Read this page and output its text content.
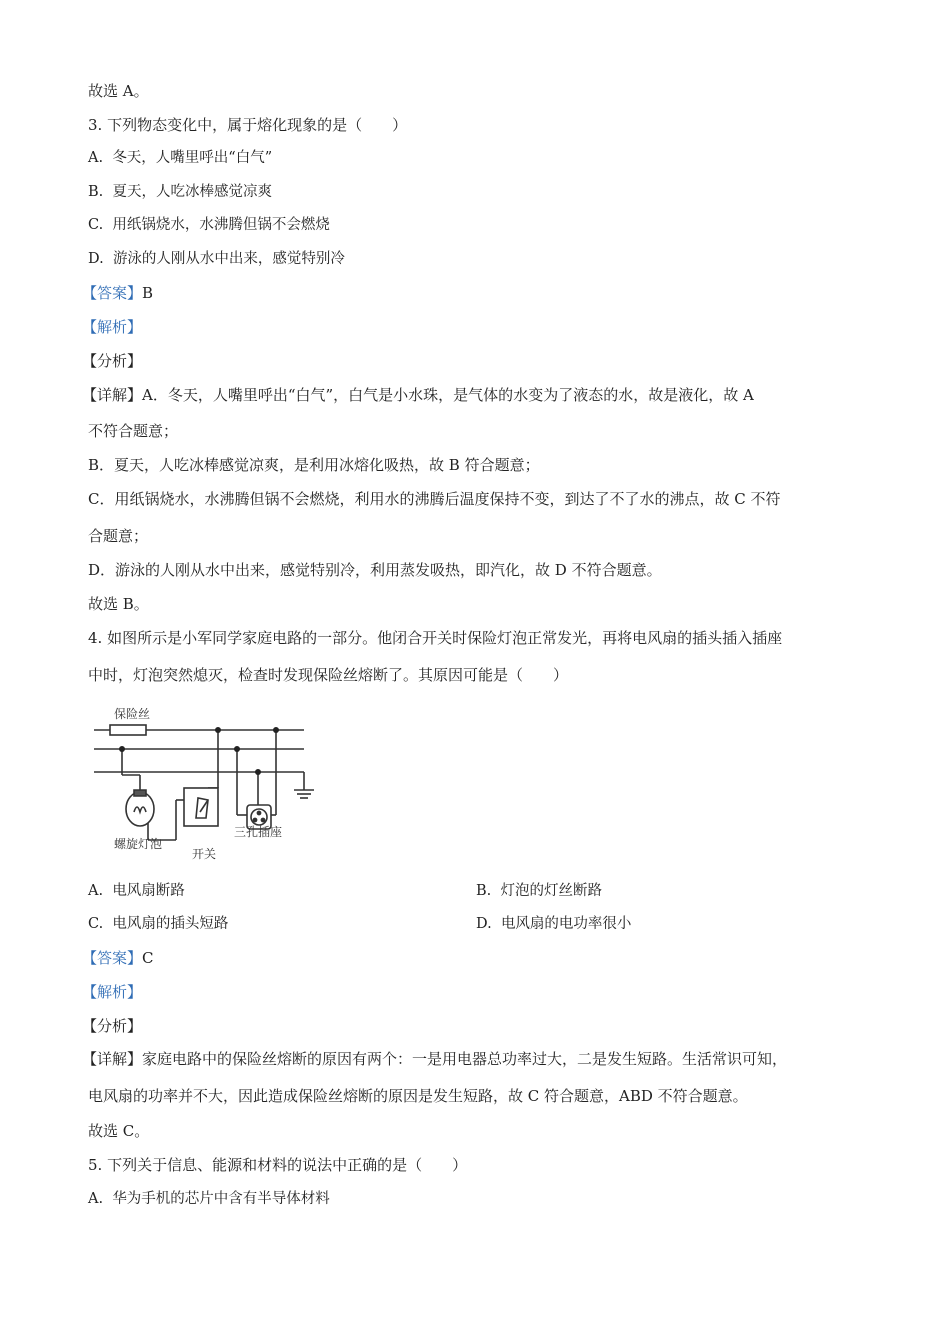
故选 A。
3. 下列物态变化中，属于熔化现象的是（　　）
A. 冬天，人嘴里呼出“白气”
B. 夏天，人吃冰棒感觉凉爽
C. 用纸锅烧水，水沸腾但锅不会燃烧
D. 游泳的人刚从水中出来，感觉特别冷
【答案】B
【解析】
【分析】
【详解】A．冬天，人嘴里呼出“白气”，白气是小水珠，是气体的水变为了液态的水，故是液化，故 A
不符合题意；
B．夏天，人吃冰棒感觉凉爽，是利用冰熔化吸热，故 B 符合题意；
C．用纸锅烧水，水沸腾但锅不会燃烧，利用水的沸腾后温度保持不变，到达了不了水的沸点，故 C 不符
合题意；
D．游泳的人刚从水中出来，感觉特别冷，利用蒸发吸热，即汽化，故 D 不符合题意。
故选 B。
4. 如图所示是小军同学家庭电路的一部分。他闭合开关时保险灯泡正常发光，再将电风扇的插头插入插座
中时，灯泡突然熄灭，检查时发现保险丝熔断了。其原因可能是（　　）
保险丝
螺旋灯泡
开关
三孔插座
A. 电风扇断路	B. 灯泡的灯丝断路
C. 电风扇的插头短路	D. 电风扇的电功率很小
【答案】C
【解析】
【分析】
【详解】家庭电路中的保险丝熔断的原因有两个：一是用电器总功率过大，二是发生短路。生活常识可知，
电风扇的功率并不大，因此造成保险丝熔断的原因是发生短路，故 C 符合题意，ABD 不符合题意。
故选 C。
5. 下列关于信息、能源和材料的说法中正确的是（　　）
A. 华为手机的芯片中含有半导体材料
